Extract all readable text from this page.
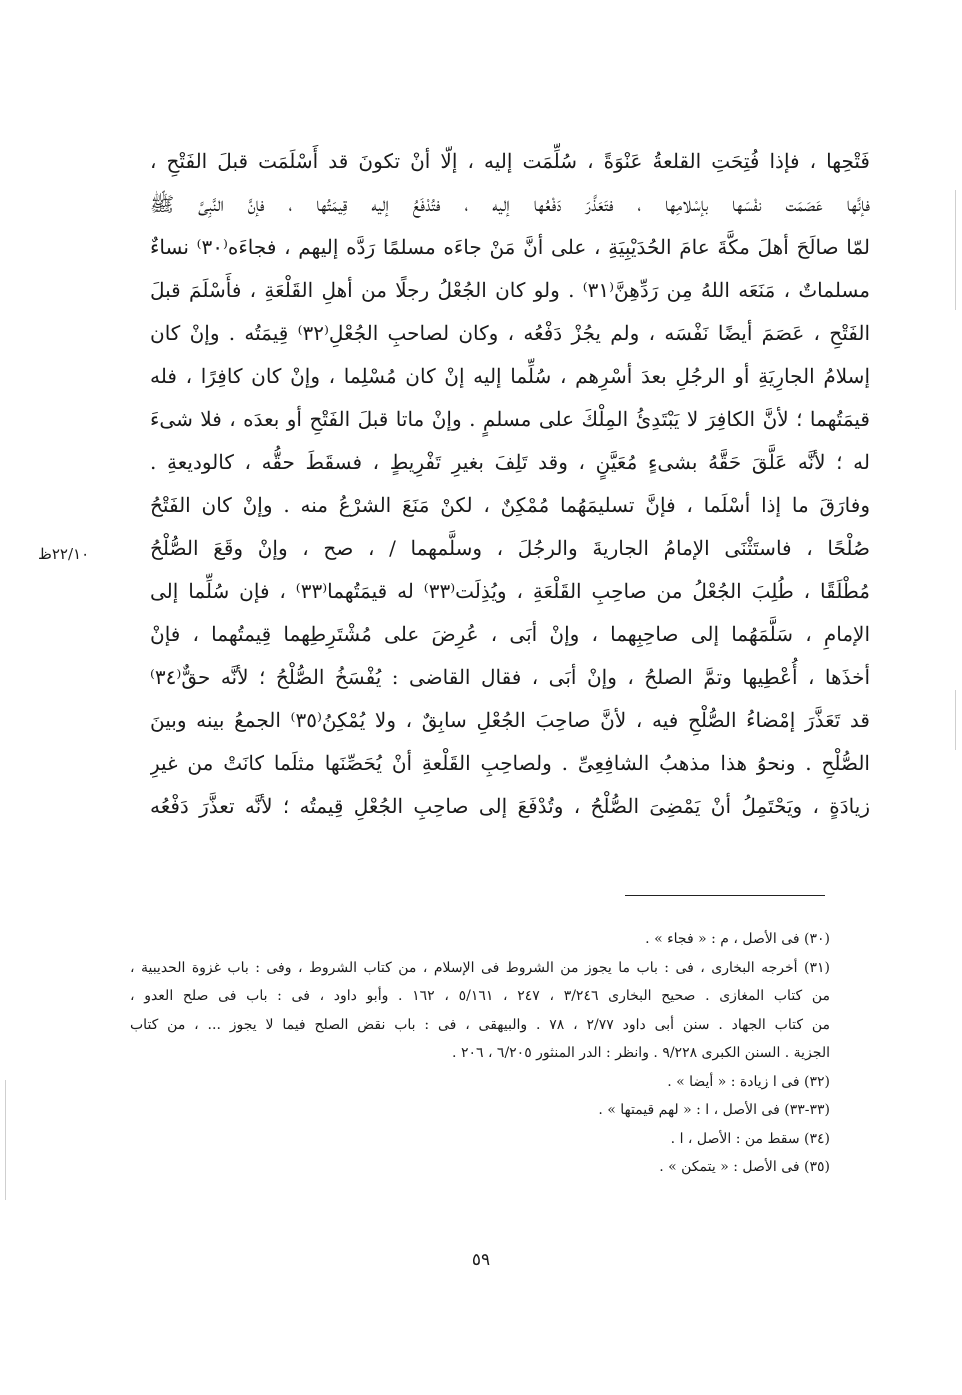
فَتْحِها ، فإذا فُتِحَتِ القلعةُ عَنْوَةً ، سُلِّمَت إليه ، إلّا أنْ تكونَ قد أَسْلَمَت قبلَ الفَتْحِ ،
فإنَّها عَصَمَت نفْسَها بإسْلامِها ، فتَعَذَّرَ دَفْعُها إليه ، فتُدْفَعُ إليه قِيمَتُها ، فإنَّ النَّبِىَّ ﷺ
لمّا صالَحَ أهلَ مكَّةَ عامَ الحُدَيْبِيَةِ ، على أنَّ مَنْ جاءَه مسلمًا رَدَّه إليهم ، فجاءَه⁽٣٠⁾ نساءٌ
مسلماتٌ ، مَنَعَه اللهُ مِن رَدِّهِنَّ⁽٣١⁾ . ولو كان الجُعْلُ رجلًا من أهلِ القَلْعَةِ ، فأَسْلَمَ قبلَ
الفَتْحِ ، عَصَمَ أيضًا نَفْسَه ، ولم يجُزْ دَفْعُه ، وكان لصاحبِ الجُعْلِ⁽٣٢⁾ قِيمَتُه . وإنْ كان
إسلامُ الجارِيَةِ أو الرجُلِ بعدَ أسْرِهم ، سُلِّما إليه إنْ كان مُسْلِما ، وإنْ كان كافِرًا ، فله
قيمَتُهما ؛ لأنَّ الكافِرَ لا يَبْتَدِئُ المِلْكَ على مسلمٍ . وإنْ ماتا قبلَ الفَتْحِ أو بعدَه ، فلا شىءَ
له ؛ لأنَّه عَلَّقَ حَقَّهُ بشىءٍ مُعَيَّنٍ ، وقد تَلِفَ بغيرِ تَفْرِيطٍ ، فسقَطَ حقُّه ، كالوديعةِ .
وفارَقَ ما إذا أسْلَما ، فإنَّ تسليمَهُما مُمْكِنٌ ، لكنْ مَنَعَ الشرْعُ منه . وإنْ كان الفَتْحُ
صُلْحًا ، فاستَثْنَى الإمامُ الجاريةَ والرجُلَ ، وسلَّمهما / ، صح ، وإنْ وقَعَ الصُّلْحُ
مُطْلَقًا ، طُلِبَ الجُعْلُ من صاحِبِ القَلْعَةِ ، ويُذِلَت⁽٣٣⁾ له قيمَتُهما⁽٣٣⁾ ، فإن سُلِّما إلى
الإمامِ ، سَلَّمَهُما إلى صاحِبِهما ، وإنْ أبَى ، عُرِضَ على مُشْتَرِطِهما قِيمتُهما ، فإنْ
أخذَها ، أُعْطِيها وتمَّ الصلحُ ، وإنْ أبَى ، فقال القاضى : يُفْسَخُ الصُّلْحُ ؛ لأنَّه حقٌّ⁽٣٤⁾
قد تَعَذَّرَ إمْضاءُ الصُّلْحِ فيه ، لأنَّ صاحِبَ الجُعْلِ سابِقٌ ، ولا يُمْكِنُ⁽٣٥⁾ الجمعُ بينه وبينَ
الصُّلْحِ . ونحوُ هذا مذهبُ الشافِعِىِّ . ولصاحِبِ القَلْعةِ أنْ يُحَصِّنَها مثلَما كانَتْ من غيرِ
زيادَةٍ ، ويَحْتَمِلُ أنْ يَمْضِىَ الصُّلْحُ ، وتُدْفَعَ إلى صاحِبِ الجُعْلِ قِيمتُه ؛ لأنَّه تعذَّرَ دَفْعُه
٢٢/١٠ظ
(٣٠) فى الأصل ، م : « فجاء » .
(٣١) أخرجه البخارى ، فى : باب ما يجوز من الشروط فى الإسلام ، من كتاب الشروط ، وفى : باب غزوة الحديبية ،
من كتاب المغازى . صحيح البخارى ٣/٢٤٦ ، ٢٤٧ ، ٥/١٦١ ، ١٦٢ . وأبو داود ، فى : باب فى صلح العدو ،
من كتاب الجهاد . سنن أبى داود ٢/٧٧ ، ٧٨ . والبيهقى ، فى : باب نقض الصلح فيما لا يجوز ... ، من كتاب
الجزية . السنن الكبرى ٩/٢٢٨ . وانظر : الدر المنثور ٦/٢٠٥ ، ٢٠٦ .
(٣٢) فى ا زيادة : « أيضا » .
(٣٣-٣٣) فى الأصل ، ا : « لهم قيمتها » .
(٣٤) سقط من : الأصل ، ا .
(٣٥) فى الأصل : « يتمكن » .
٥٩
